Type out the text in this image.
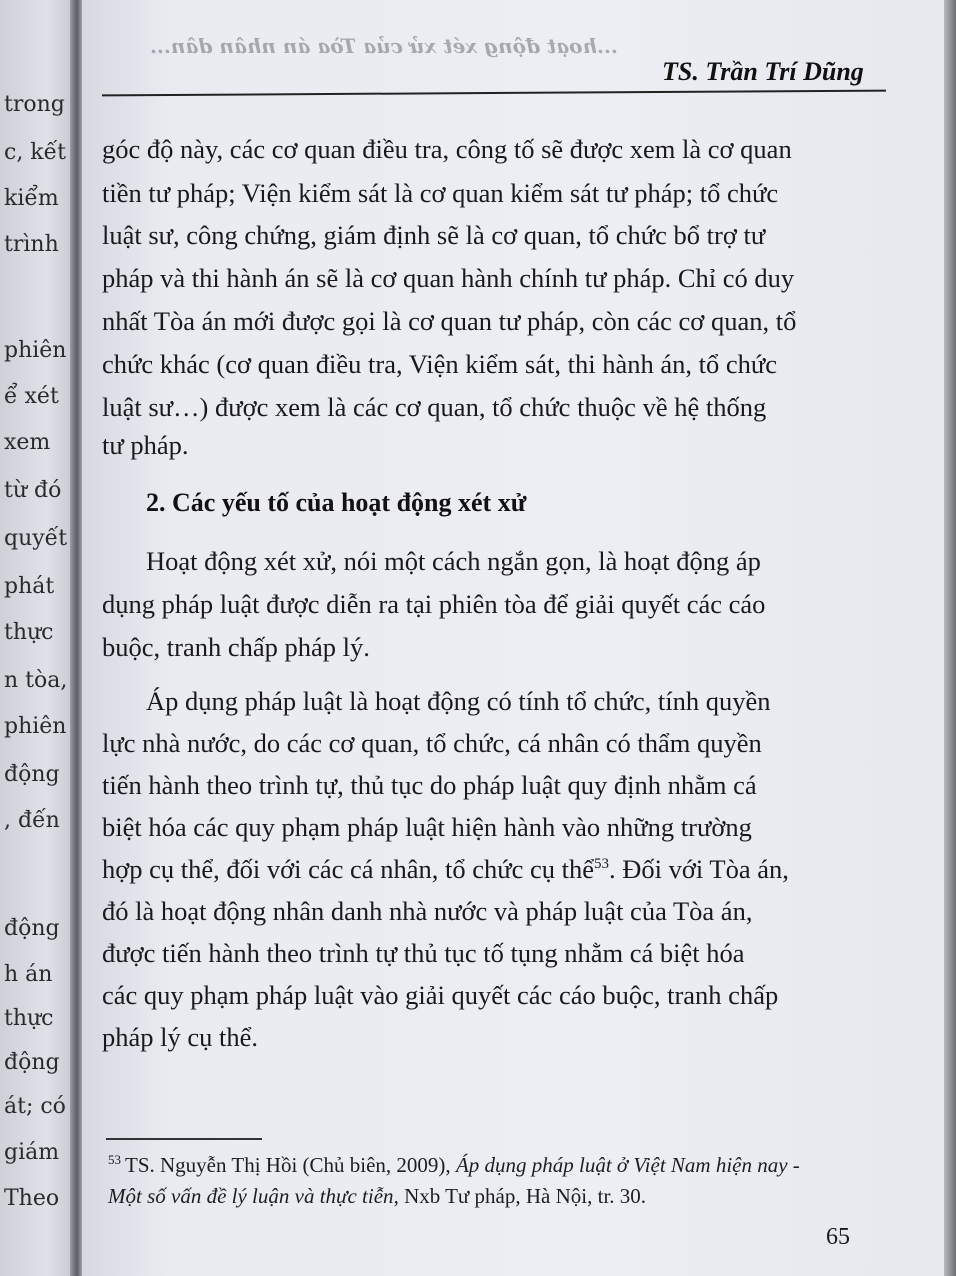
trong
c, kết
kiểm
trình
phiên
ể xét
xem
từ đó
quyết
phát
thực
n tòa,
phiên
động
, đến
động
h án
thực
động
át; có
giám
Theo
...hoạt động xét xử của Tòa án nhân dân...
TS. Trần Trí Dũng
góc độ này, các cơ quan điều tra, công tố sẽ được xem là cơ quan
tiền tư pháp; Viện kiểm sát là cơ quan kiểm sát tư pháp; tổ chức
luật sư, công chứng, giám định sẽ là cơ quan, tổ chức bổ trợ tư
pháp và thi hành án sẽ là cơ quan hành chính tư pháp. Chỉ có duy
nhất Tòa án mới được gọi là cơ quan tư pháp, còn các cơ quan, tổ
chức khác (cơ quan điều tra, Viện kiểm sát, thi hành án, tổ chức
luật sư…) được xem là các cơ quan, tổ chức thuộc về hệ thống
tư pháp.
2. Các yếu tố của hoạt động xét xử
Hoạt động xét xử, nói một cách ngắn gọn, là hoạt động áp
dụng pháp luật được diễn ra tại phiên tòa để giải quyết các cáo
buộc, tranh chấp pháp lý.
Áp dụng pháp luật là hoạt động có tính tổ chức, tính quyền
lực nhà nước, do các cơ quan, tổ chức, cá nhân có thẩm quyền
tiến hành theo trình tự, thủ tục do pháp luật quy định nhằm cá
biệt hóa các quy phạm pháp luật hiện hành vào những trường
hợp cụ thể, đối với các cá nhân, tổ chức cụ thể$^{53}$. Đối với Tòa án,
đó là hoạt động nhân danh nhà nước và pháp luật của Tòa án,
được tiến hành theo trình tự thủ tục tố tụng nhằm cá biệt hóa
các quy phạm pháp luật vào giải quyết các cáo buộc, tranh chấp
pháp lý cụ thể.
$^{53}$ TS. Nguyễn Thị Hồi (Chủ biên, 2009), Áp dụng pháp luật ở Việt Nam hiện nay -
Một số vấn đề lý luận và thực tiễn, Nxb Tư pháp, Hà Nội, tr. 30.
65
